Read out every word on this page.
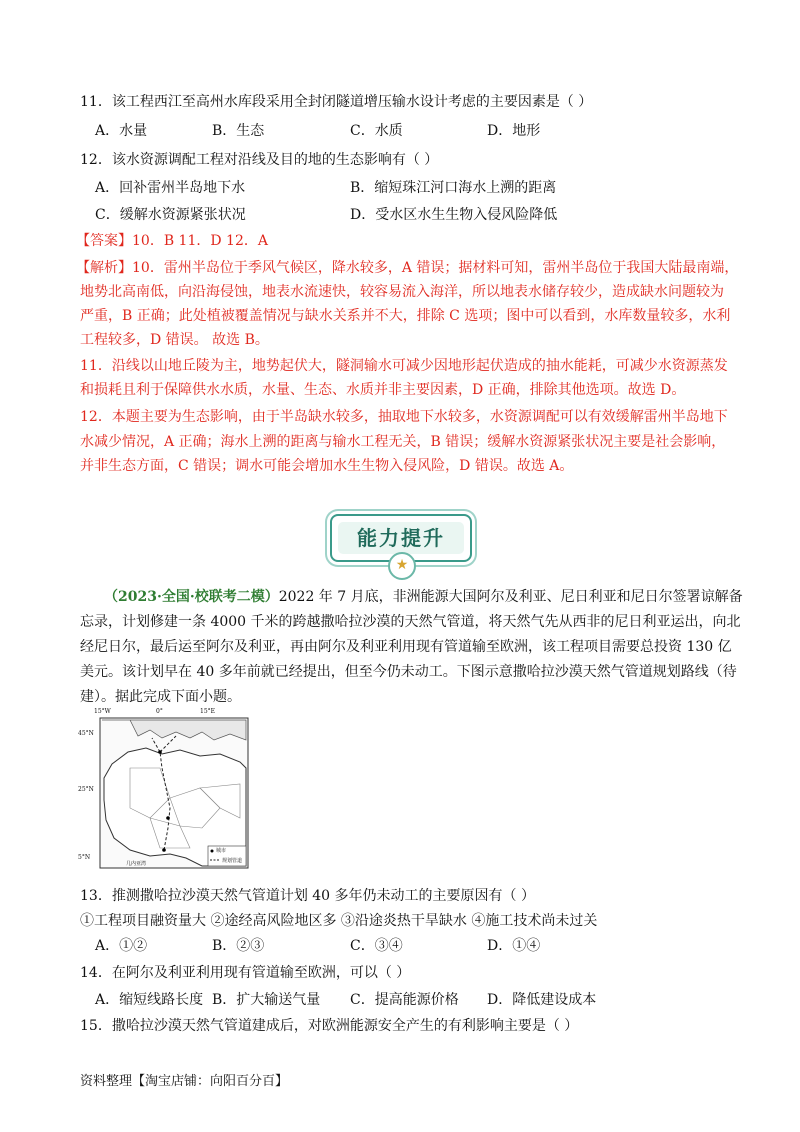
11．该工程西江至高州水库段采用全封闭隧道增压输水设计考虑的主要因素是（ ）
A．水量	B．生态	C．水质	D．地形
12．该水资源调配工程对沿线及目的地的生态影响有（ ）
A．回补雷州半岛地下水	B．缩短珠江河口海水上溯的距离
C．缓解水资源紧张状况	D．受水区水生生物入侵风险降低
【答案】10．B 11．D 12．A
【解析】10．雷州半岛位于季风气候区，降水较多，A 错误；据材料可知，雷州半岛位于我国大陆最南端，
地势北高南低，向沿海侵蚀，地表水流速快，较容易流入海洋，所以地表水储存较少，造成缺水问题较为
严重，B 正确；此处植被覆盖情况与缺水关系并不大，排除 C 选项；图中可以看到，水库数量较多，水利
工程较多，D 错误。 故选 B。
11．沿线以山地丘陵为主，地势起伏大，隧洞输水可减少因地形起伏造成的抽水能耗，可减少水资源蒸发
和损耗且利于保障供水水质，水量、生态、水质并非主要因素，D 正确，排除其他选项。故选 D。
12．本题主要为生态影响，由于半岛缺水较多，抽取地下水较多，水资源调配可以有效缓解雷州半岛地下
水减少情况，A 正确；海水上溯的距离与输水工程无关，B 错误；缓解水资源紧张状况主要是社会影响，
并非生态方面，C 错误；调水可能会增加水生生物入侵风险，D 错误。故选 A。
能力提升
★
（2023·全国·校联考二模）2022 年 7 月底，非洲能源大国阿尔及利亚、尼日利亚和尼日尔签署谅解备
忘录，计划修建一条 4000 千米的跨越撒哈拉沙漠的天然气管道，将天然气先从西非的尼日利亚运出，向北
经尼日尔，最后运至阿尔及利亚，再由阿尔及利亚利用现有管道输至欧洲，该工程项目需要总投资 130 亿
美元。该计划早在 40 多年前就已经提出，但至今仍未动工。下图示意撒哈拉沙漠天然气管道规划路线（待
建）。据此完成下面小题。
15°W	0°	15°E
45°N
25°N
5°N
城市
规划管道
几内亚湾
13．推测撒哈拉沙漠天然气管道计划 40 多年仍未动工的主要原因有（ ）
①工程项目融资量大 ②途经高风险地区多 ③沿途炎热干旱缺水 ④施工技术尚未过关
A．①②	B．②③	C．③④	D．①④
14．在阿尔及利亚利用现有管道输至欧洲，可以（ ）
A．缩短线路长度 B．扩大输送气量 C．提高能源价格 D．降低建设成本
15．撒哈拉沙漠天然气管道建成后，对欧洲能源安全产生的有利影响主要是（ ）
资料整理【淘宝店铺：向阳百分百】
